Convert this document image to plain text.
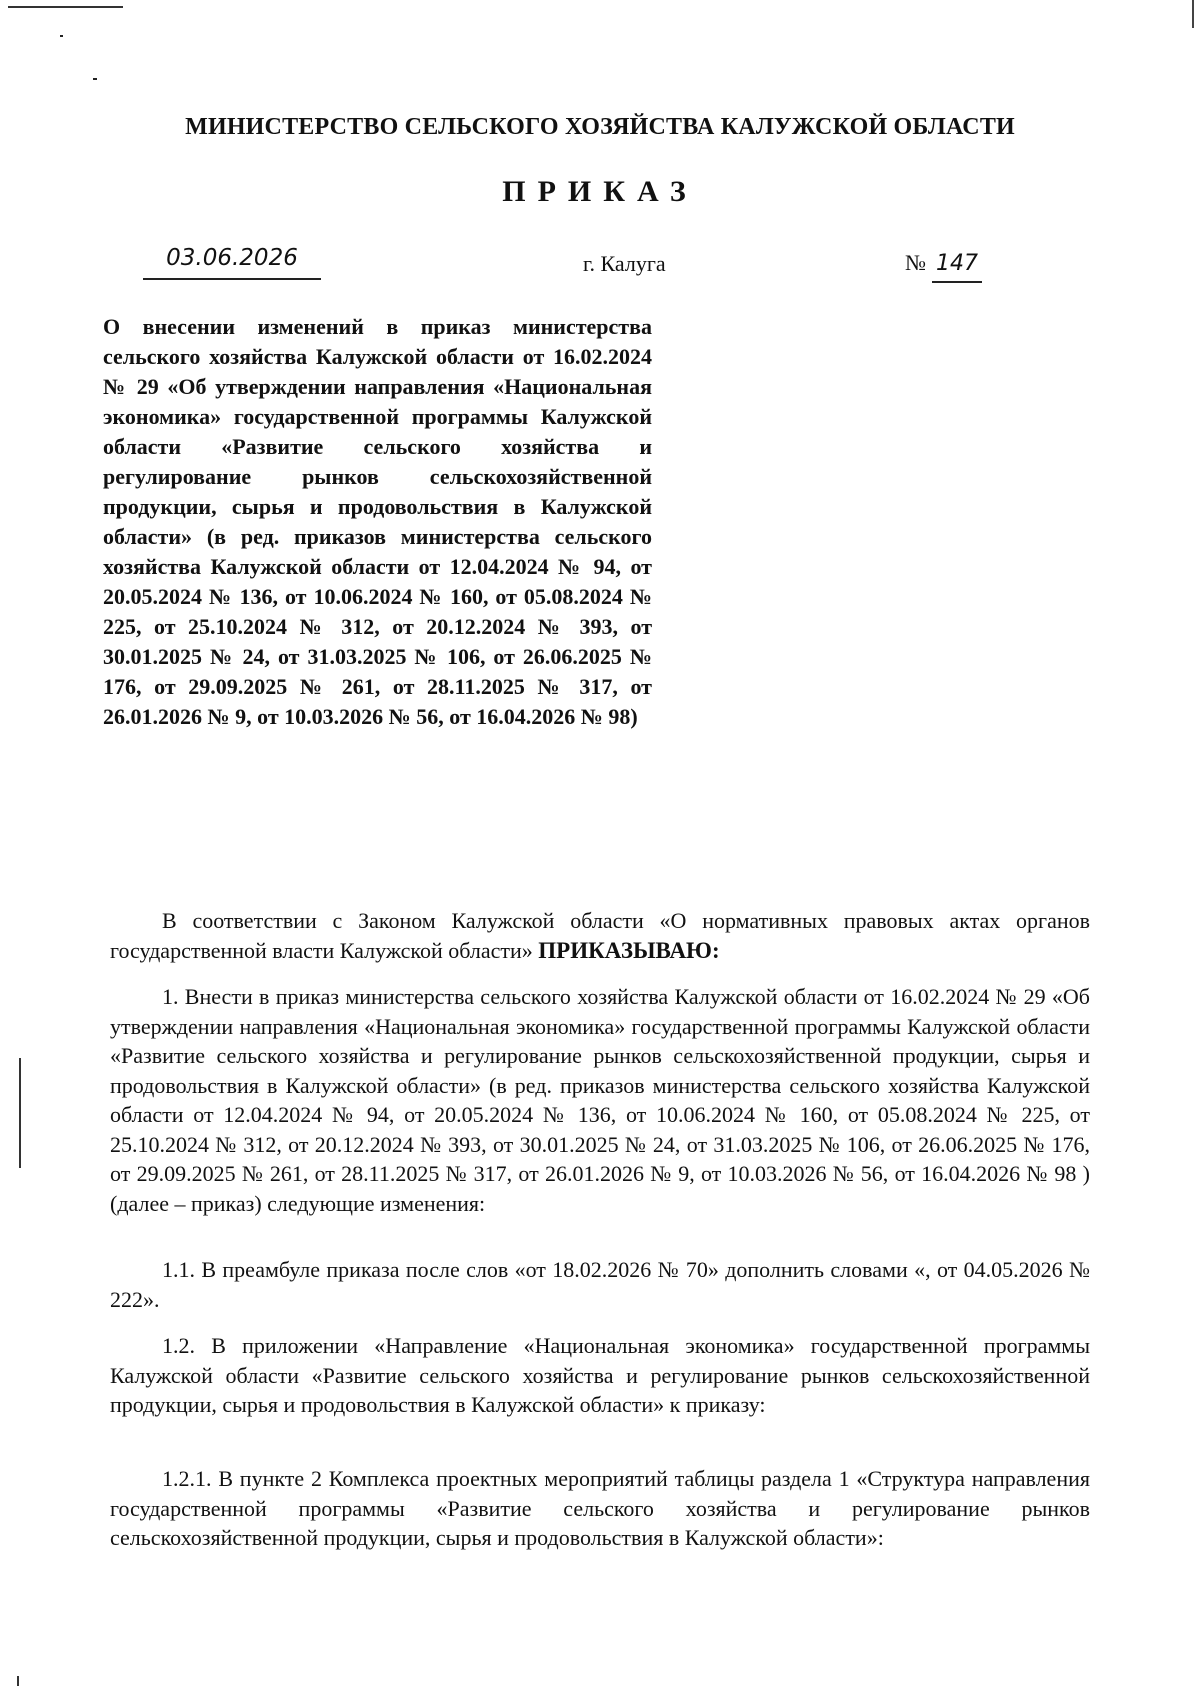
МИНИСТЕРСТВО СЕЛЬСКОГО ХОЗЯЙСТВА КАЛУЖСКОЙ ОБЛАСТИ
ПРИКАЗ
03.06.2026	г. Калуга	№ 147
О внесении изменений в приказ министерства сельского хозяйства Калужской области от 16.02.2024 № 29 «Об утверждении направления «Национальная экономика» государственной программы Калужской области «Развитие сельского хозяйства и регулирование рынков сельскохозяйственной продукции, сырья и продовольствия в Калужской области» (в ред. приказов министерства сельского хозяйства Калужской области от 12.04.2024 № 94, от 20.05.2024 № 136, от 10.06.2024 № 160, от 05.08.2024 № 225, от 25.10.2024 № 312, от 20.12.2024 № 393, от 30.01.2025 № 24, от 31.03.2025 № 106, от 26.06.2025 № 176, от 29.09.2025 № 261, от 28.11.2025 № 317, от 26.01.2026 № 9, от 10.03.2026 № 56, от 16.04.2026 № 98)
В соответствии с Законом Калужской области «О нормативных правовых актах органов государственной власти Калужской области» ПРИКАЗЫВАЮ:
1. Внести в приказ министерства сельского хозяйства Калужской области от 16.02.2024 № 29 «Об утверждении направления «Национальная экономика» государственной программы Калужской области «Развитие сельского хозяйства и регулирование рынков сельскохозяйственной продукции, сырья и продовольствия в Калужской области» (в ред. приказов министерства сельского хозяйства Калужской области от 12.04.2024 № 94, от 20.05.2024 № 136, от 10.06.2024 № 160, от 05.08.2024 № 225, от 25.10.2024 № 312, от 20.12.2024 № 393, от 30.01.2025 № 24, от 31.03.2025 № 106, от 26.06.2025 № 176, от 29.09.2025 № 261, от 28.11.2025 № 317, от 26.01.2026 № 9, от 10.03.2026 № 56, от 16.04.2026 № 98 ) (далее – приказ) следующие изменения:
1.1. В преамбуле приказа после слов «от 18.02.2026 № 70» дополнить словами «, от 04.05.2026 № 222».
1.2. В приложении «Направление «Национальная экономика» государственной программы Калужской области «Развитие сельского хозяйства и регулирование рынков сельскохозяйственной продукции, сырья и продовольствия в Калужской области» к приказу:
1.2.1. В пункте 2 Комплекса проектных мероприятий таблицы раздела 1 «Структура направления государственной программы «Развитие сельского хозяйства и регулирование рынков сельскохозяйственной продукции, сырья и продовольствия в Калужской области»:
